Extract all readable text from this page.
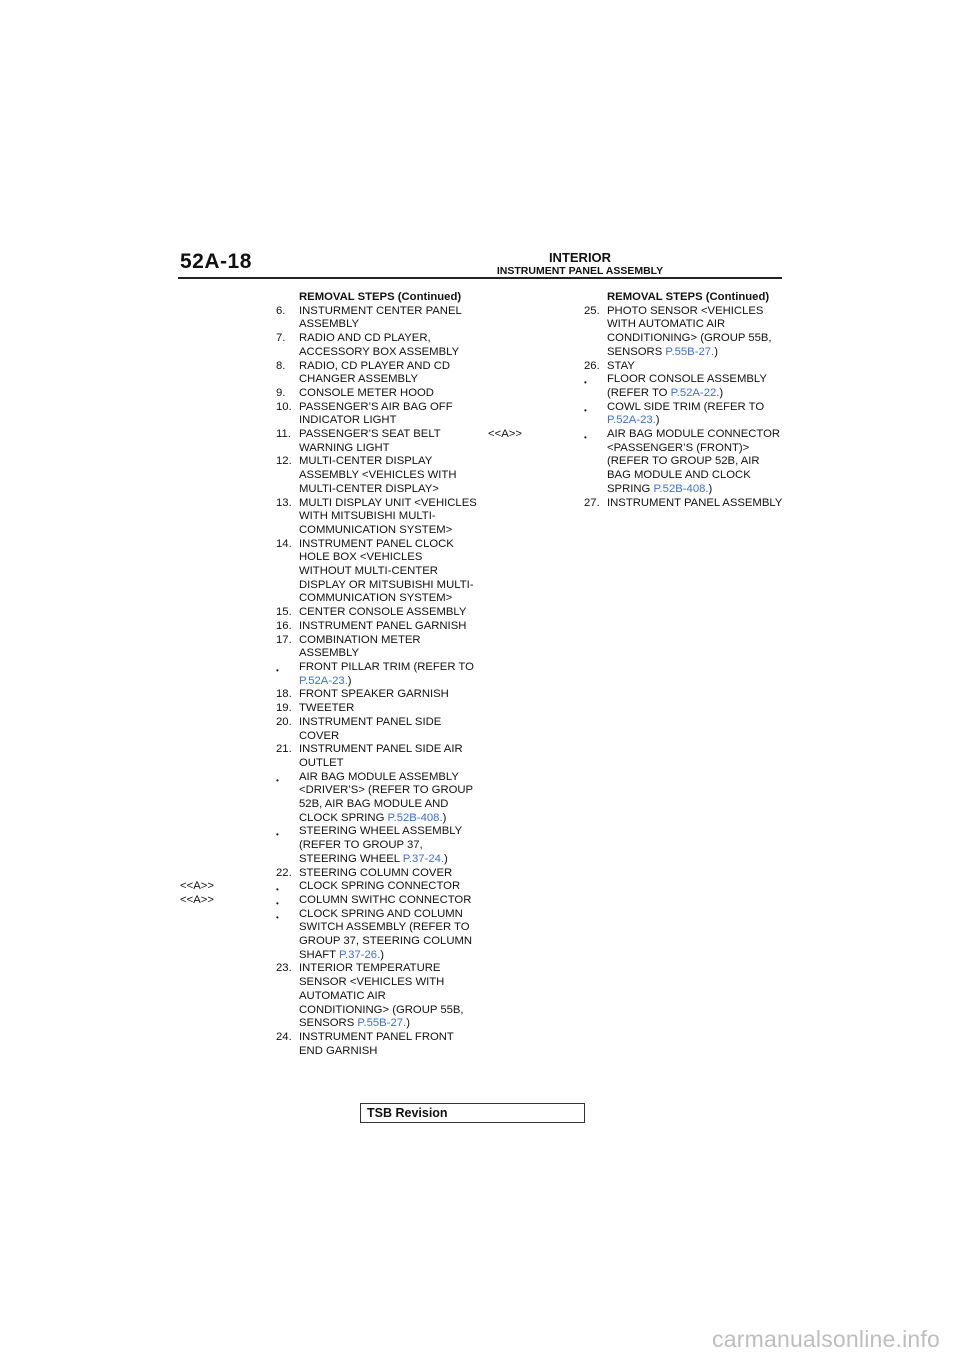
52A-18	INTERIOR
INSTRUMENT PANEL ASSEMBLY
REMOVAL STEPS (Continued)
6.	INSTURMENT CENTER PANEL ASSEMBLY
7.	RADIO AND CD PLAYER, ACCESSORY BOX ASSEMBLY
8.	RADIO, CD PLAYER AND CD CHANGER ASSEMBLY
9.	CONSOLE METER HOOD
10. PASSENGER’S AIR BAG OFF INDICATOR LIGHT
11. PASSENGER’S SEAT BELT WARNING LIGHT
12. MULTI-CENTER DISPLAY ASSEMBLY <VEHICLES WITH MULTI-CENTER DISPLAY>
13. MULTI DISPLAY UNIT <VEHICLES WITH MITSUBISHI MULTI-COMMUNICATION SYSTEM>
14. INSTRUMENT PANEL CLOCK HOLE BOX <VEHICLES WITHOUT MULTI-CENTER DISPLAY OR MITSUBISHI MULTI-COMMUNICATION SYSTEM>
15. CENTER CONSOLE ASSEMBLY
16. INSTRUMENT PANEL GARNISH
17. COMBINATION METER ASSEMBLY
• FRONT PILLAR TRIM (REFER TO P.52A-23.)
18. FRONT SPEAKER GARNISH
19. TWEETER
20. INSTRUMENT PANEL SIDE COVER
21. INSTRUMENT PANEL SIDE AIR OUTLET
• AIR BAG MODULE ASSEMBLY <DRIVER’S> (REFER TO GROUP 52B, AIR BAG MODULE AND CLOCK SPRING P.52B-408.)
• STEERING WHEEL ASSEMBLY (REFER TO GROUP 37, STEERING WHEEL P.37-24.)
22. STEERING COLUMN COVER
<<A>>	• CLOCK SPRING CONNECTOR
<<A>>	• COLUMN SWITHC CONNECTOR
• CLOCK SPRING AND COLUMN SWITCH ASSEMBLY (REFER TO GROUP 37, STEERING COLUMN SHAFT P.37-26.)
23. INTERIOR TEMPERATURE SENSOR <VEHICLES WITH AUTOMATIC AIR CONDITIONING> (GROUP 55B, SENSORS P.55B-27.)
24. INSTRUMENT PANEL FRONT END GARNISH
REMOVAL STEPS (Continued)
25. PHOTO SENSOR <VEHICLES WITH AUTOMATIC AIR CONDITIONING> (GROUP 55B, SENSORS P.55B-27.)
26. STAY
• FLOOR CONSOLE ASSEMBLY (REFER TO P.52A-22.)
• COWL SIDE TRIM (REFER TO P.52A-23.)
<<A>>	• AIR BAG MODULE CONNECTOR <PASSENGER’S (FRONT)> (REFER TO GROUP 52B, AIR BAG MODULE AND CLOCK SPRING P.52B-408.)
27. INSTRUMENT PANEL ASSEMBLY
TSB Revision
carmanualsonline.info
